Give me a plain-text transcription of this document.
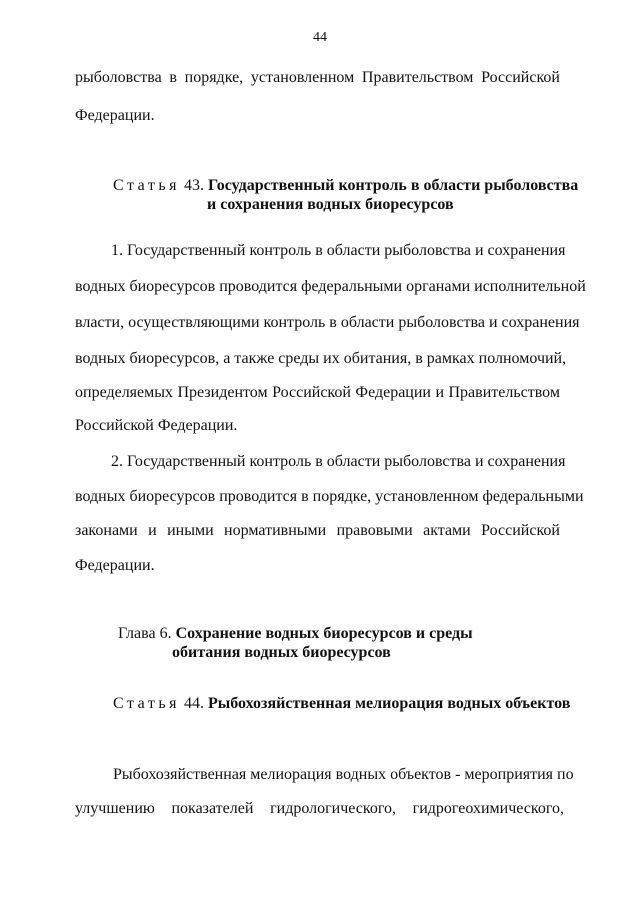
44
рыболовства в порядке, установленном Правительством Российской
Федерации.
Статья 43. Государственный контроль в области рыболовства
и сохранения водных биоресурсов
1. Государственный контроль в области рыболовства и сохранения
водных биоресурсов проводится федеральными органами исполнительной
власти, осуществляющими контроль в области рыболовства и сохранения
водных биоресурсов, а также среды их обитания, в рамках полномочий,
определяемых Президентом Российской Федерации и Правительством
Российской Федерации.
2. Государственный контроль в области рыболовства и сохранения
водных биоресурсов проводится в порядке, установленном федеральными
законами и иными нормативными правовыми актами Российской
Федерации.
Глава 6. Сохранение водных биоресурсов и среды
обитания водных биоресурсов
Статья 44. Рыбохозяйственная мелиорация водных объектов
Рыбохозяйственная мелиорация водных объектов - мероприятия по
улучшению показателей гидрологического, гидрогеохимического,
